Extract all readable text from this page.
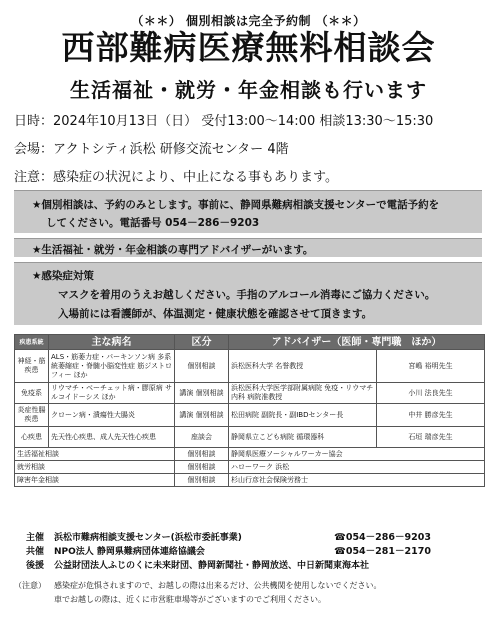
（＊＊） 個別相談は完全予約制 （＊＊）
西部難病医療無料相談会
生活福祉・就労・年金相談も行います
日時：2024年10月13日（日） 受付13:00～14:00 相談13:30～15:30
会場：アクトシティ浜松 研修交流センター 4階
注意：感染症の状況により、中止になる事もあります。
★個別相談は、予約のみとします。事前に、静岡県難病相談支援センターで電話予約を
してください。電話番号 054－286－9203
★生活福祉・就労・年金相談の専門アドバイザーがいます。
★感染症対策
マスクを着用のうえお越しください。手指のアルコール消毒にご協力ください。
入場前には看護師が、体温測定・健康状態を確認させて頂きます。
疾患系統	主な病名	区分	アドバイザー（医師・専門職　ほか）	
神経・筋疾患	ALS・筋萎力症・パーキンソン病 多系統萎縮症・脊髄小脳変性症 筋ジストロフィー ほか	個別相談	浜松医科大学 名誉教授	宮嶋 裕明先生
免疫系	リウマチ・ベーチェット病・膠原病 サルコイドーシス ほか	講演 個別相談	浜松医科大学医学部附属病院 免疫・リウマチ内科 病院准教授	小川 法良先生
炎症性腸疾患	クローン病・潰瘍性大腸炎	講演 個別相談	松田病院 副院長・副IBDセンター長	中井 勝彦先生
心疾患	先天性心疾患、成人先天性心疾患	座談会	静岡県立こども病院 循環器科	石垣 瑞彦先生
生活福祉相談		個別相談	静岡県医療ソーシャルワーカー協会	
就労相談		個別相談	ハローワーク 浜松	
障害年金相談		個別相談	杉山行彦社会保険労務士	
主催 浜松市難病相談支援センター(浜松市委託事業)	☎054－286－9203
共催 NPO法人 静岡県難病団体連絡協議会	☎054－281－2170
後援 公益財団法人ふじのくに未来財団、静岡新聞社・静岡放送、中日新聞東海本社
（注意） 感染症が危惧されますので、お越しの際は出来るだけ、公共機関を使用しないでください。
車でお越しの際は、近くに市営駐車場等がございますのでご利用ください。
